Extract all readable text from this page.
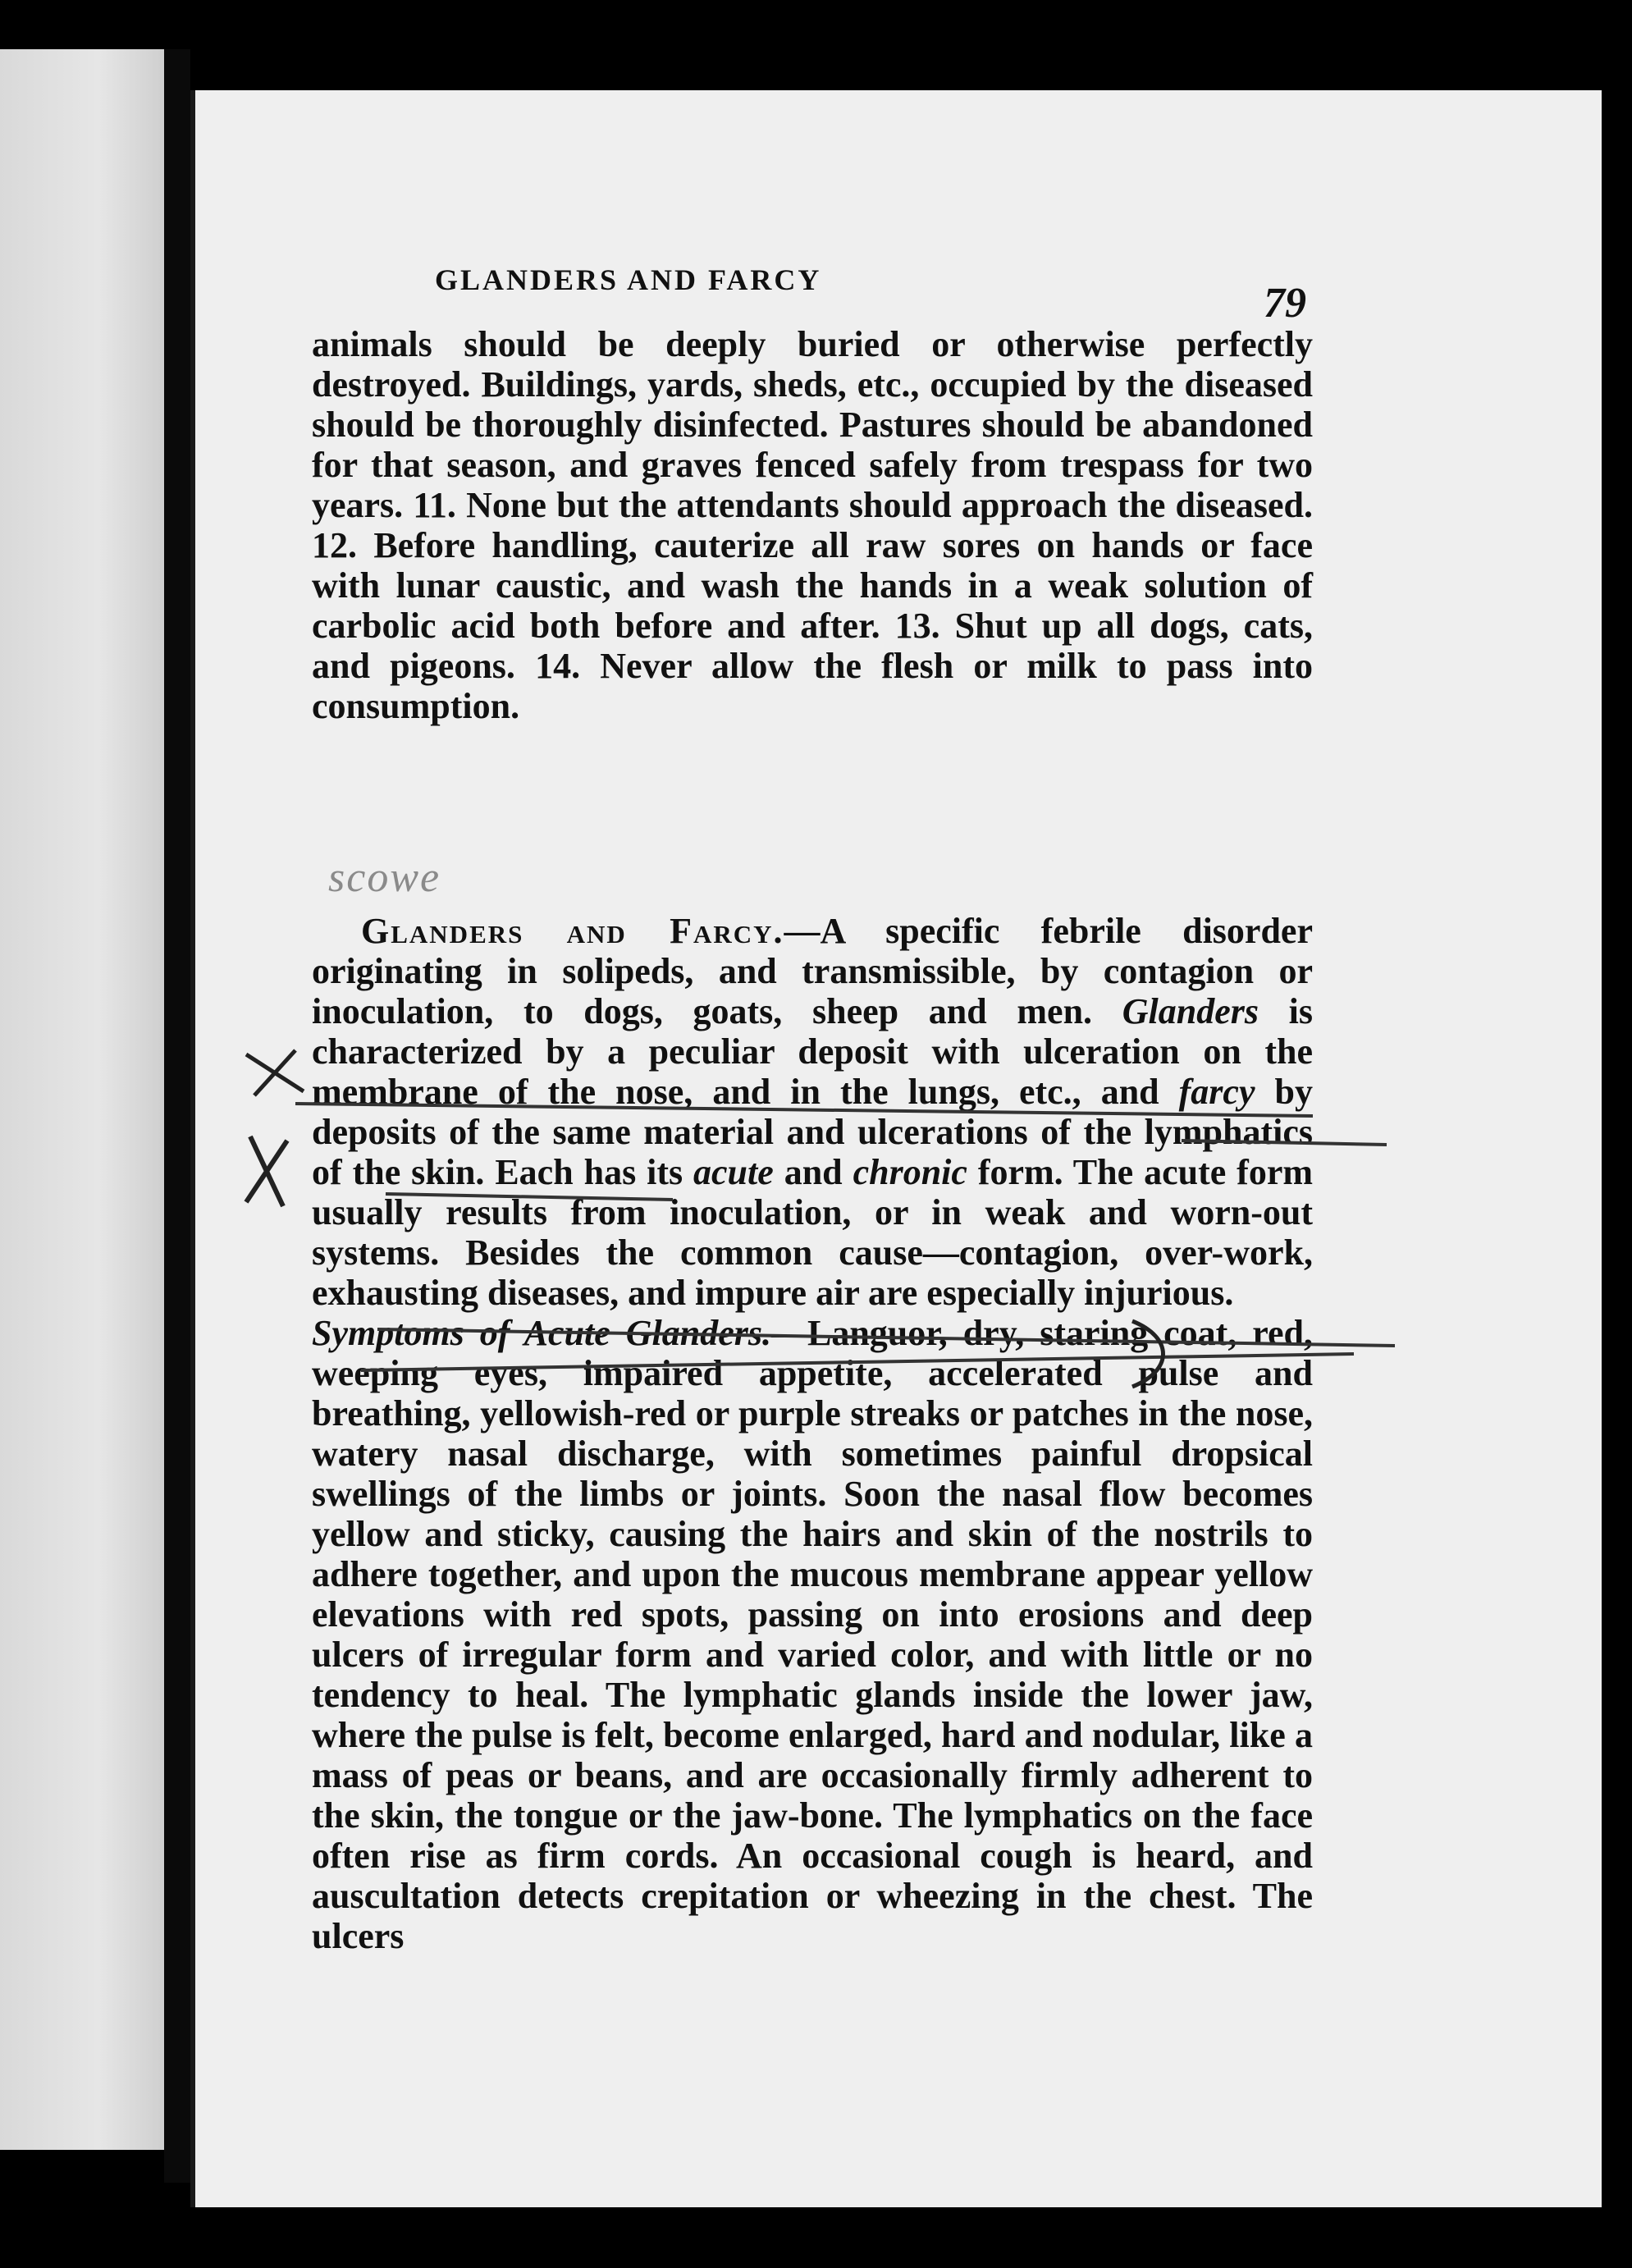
GLANDERS AND FARCY	79

animals should be deeply buried or otherwise perfectly destroyed. Buildings, yards, sheds, etc., occupied by the diseased should be thoroughly disinfected. Pastures should be abandoned for that season, and graves fenced safely from trespass for two years. 11. None but the attendants should approach the diseased. 12. Before handling, cauterize all raw sores on hands or face with lunar caustic, and wash the hands in a weak solution of carbolic acid both before and after. 13. Shut up all dogs, cats, and pigeons. 14. Never allow the flesh or milk to pass into consumption.

scowe

Glanders and Farcy.—A specific febrile disorder originating in solipeds, and transmissible, by contagion or inoculation, to dogs, goats, sheep and men. Glanders is characterized by a peculiar deposit with ulceration on the membrane of the nose, and in the lungs, etc., and farcy by deposits of the same material and ulcerations of the lymphatics of the skin. Each has its acute and chronic form. The acute form usually results from inoculation, or in weak and worn-out systems. Besides the common cause—contagion, over-work, exhausting diseases, and impure air are especially injurious.

Symptoms of Acute Glanders.—Languor, dry, staring coat, red, weeping eyes, impaired appetite, accelerated pulse and breathing, yellowish-red or purple streaks or patches in the nose, watery nasal discharge, with sometimes painful dropsical swellings of the limbs or joints. Soon the nasal flow becomes yellow and sticky, causing the hairs and skin of the nostrils to adhere together, and upon the mucous membrane appear yellow elevations with red spots, passing on into erosions and deep ulcers of irregular form and varied color, and with little or no tendency to heal. The lymphatic glands inside the lower jaw, where the pulse is felt, become enlarged, hard and nodular, like a mass of peas or beans, and are occasionally firmly adherent to the skin, the tongue or the jaw-bone. The lymphatics on the face often rise as firm cords. An occasional cough is heard, and auscultation detects crepitation or wheezing in the chest. The ulcers
